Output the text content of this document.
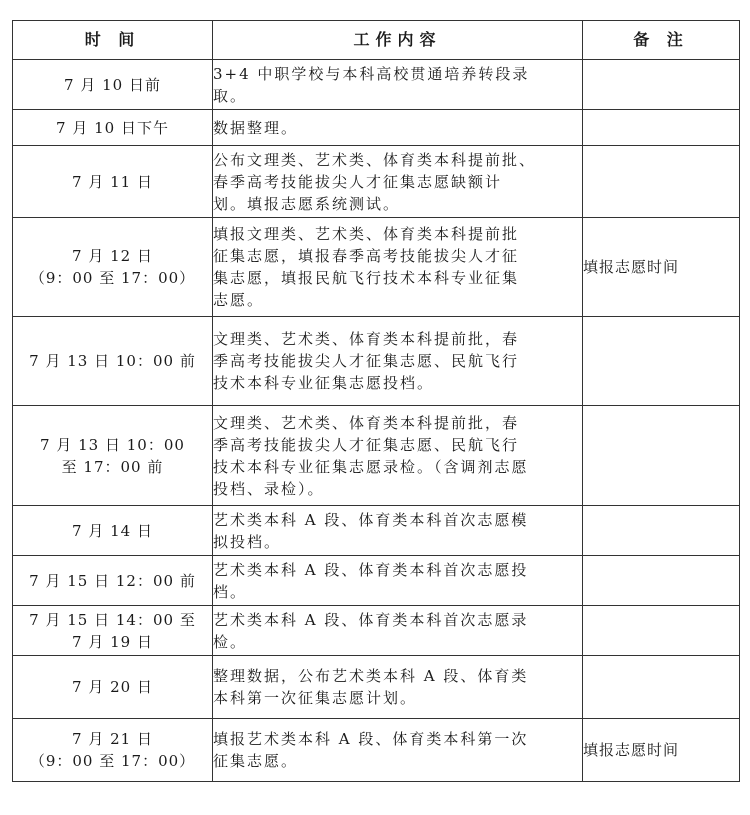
时 间	工作内容	备 注

7 月 10 日前	3+4 中职学校与本科高校贯通培养转段录
取。	

7 月 10 日下午	数据整理。	

7 月 11 日	公布文理类、艺术类、体育类本科提前批、
春季高考技能拔尖人才征集志愿缺额计
划。填报志愿系统测试。	

7 月 12 日
（9：00 至 17：00）	填报文理类、艺术类、体育类本科提前批
征集志愿，填报春季高考技能拔尖人才征
集志愿，填报民航飞行技术本科专业征集
志愿。	填报志愿时间

7 月 13 日 10：00 前	文理类、艺术类、体育类本科提前批，春
季高考技能拔尖人才征集志愿、民航飞行
技术本科专业征集志愿投档。	

7 月 13 日 10：00
至 17：00 前	文理类、艺术类、体育类本科提前批，春
季高考技能拔尖人才征集志愿、民航飞行
技术本科专业征集志愿录检。（含调剂志愿
投档、录检）。	

7 月 14 日	艺术类本科 A 段、体育类本科首次志愿模
拟投档。	

7 月 15 日 12：00 前	艺术类本科 A 段、体育类本科首次志愿投
档。	

7 月 15 日 14：00 至
7 月 19 日	艺术类本科 A 段、体育类本科首次志愿录
检。	

7 月 20 日	整理数据，公布艺术类本科 A 段、体育类
本科第一次征集志愿计划。	

7 月 21 日
（9：00 至 17：00）	填报艺术类本科 A 段、体育类本科第一次
征集志愿。	填报志愿时间
